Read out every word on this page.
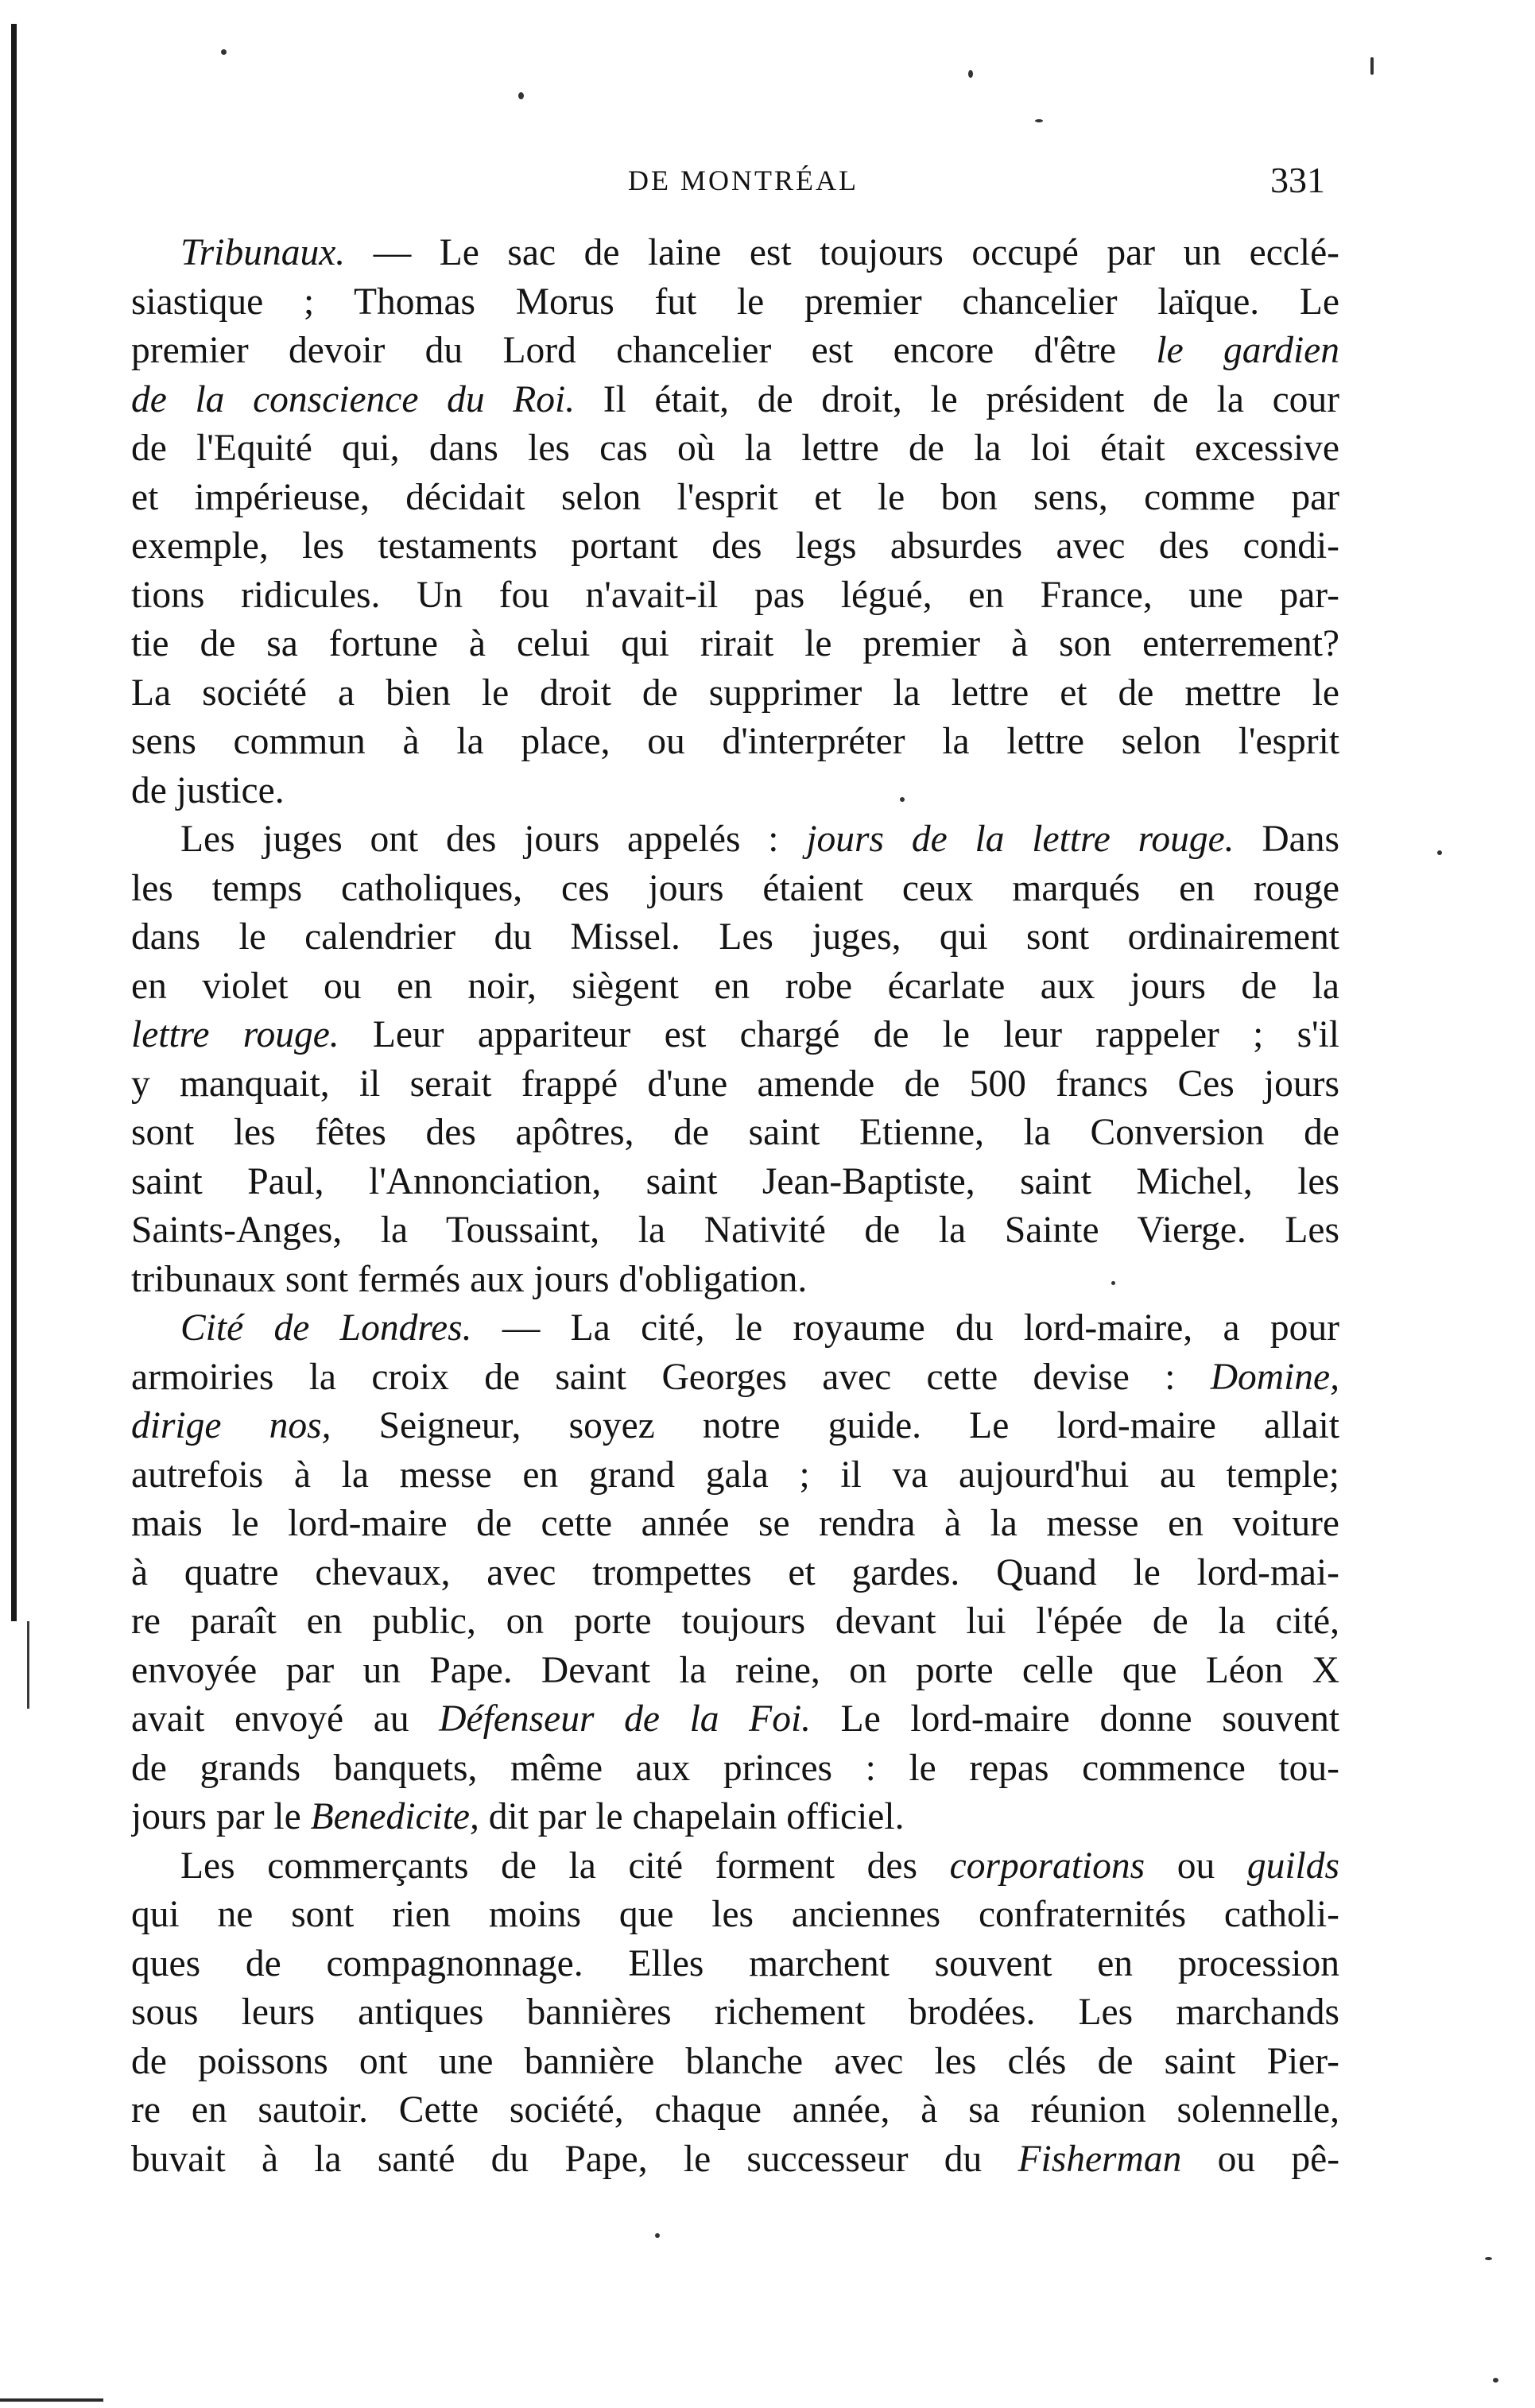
DE MONTRÉAL	331
Tribunaux. — Le sac de laine est toujours occupé par un ecclé-
siastique ; Thomas Morus fut le premier chancelier laïque. Le
premier devoir du Lord chancelier est encore d'être le gardien
de la conscience du Roi. Il était, de droit, le président de la cour
de l'Equité qui, dans les cas où la lettre de la loi était excessive
et impérieuse, décidait selon l'esprit et le bon sens, comme par
exemple, les testaments portant des legs absurdes avec des condi-
tions ridicules. Un fou n'avait-il pas légué, en France, une par-
tie de sa fortune à celui qui rirait le premier à son enterrement?
La société a bien le droit de supprimer la lettre et de mettre le
sens commun à la place, ou d'interpréter la lettre selon l'esprit
de justice.
Les juges ont des jours appelés : jours de la lettre rouge. Dans
les temps catholiques, ces jours étaient ceux marqués en rouge
dans le calendrier du Missel. Les juges, qui sont ordinairement
en violet ou en noir, siègent en robe écarlate aux jours de la
lettre rouge. Leur appariteur est chargé de le leur rappeler ; s'il
y manquait, il serait frappé d'une amende de 500 francs Ces jours
sont les fêtes des apôtres, de saint Etienne, la Conversion de
saint Paul, l'Annonciation, saint Jean-Baptiste, saint Michel, les
Saints-Anges, la Toussaint, la Nativité de la Sainte Vierge. Les
tribunaux sont fermés aux jours d'obligation.
Cité de Londres. — La cité, le royaume du lord-maire, a pour
armoiries la croix de saint Georges avec cette devise : Domine,
dirige nos, Seigneur, soyez notre guide. Le lord-maire allait
autrefois à la messe en grand gala ; il va aujourd'hui au temple;
mais le lord-maire de cette année se rendra à la messe en voiture
à quatre chevaux, avec trompettes et gardes. Quand le lord-mai-
re paraît en public, on porte toujours devant lui l'épée de la cité,
envoyée par un Pape. Devant la reine, on porte celle que Léon X
avait envoyé au Défenseur de la Foi. Le lord-maire donne souvent
de grands banquets, même aux princes : le repas commence tou-
jours par le Benedicite, dit par le chapelain officiel.
Les commerçants de la cité forment des corporations ou guilds
qui ne sont rien moins que les anciennes confraternités catholi-
ques de compagnonnage. Elles marchent souvent en procession
sous leurs antiques bannières richement brodées. Les marchands
de poissons ont une bannière blanche avec les clés de saint Pier-
re en sautoir. Cette société, chaque année, à sa réunion solennelle,
buvait à la santé du Pape, le successeur du Fisherman ou pê-
